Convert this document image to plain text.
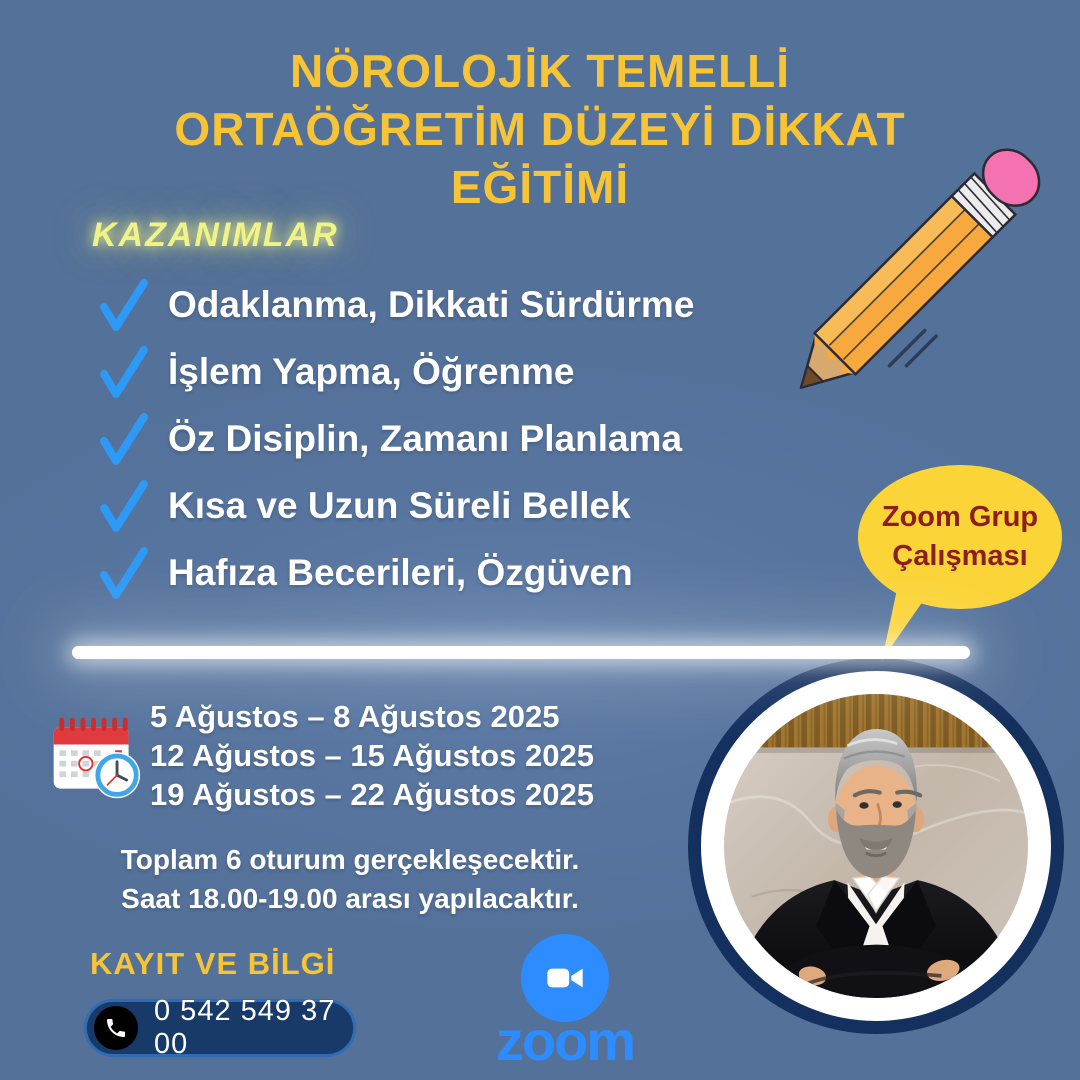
NÖROLOJİK TEMELLİ
ORTAÖĞRETİM DÜZEYİ DİKKAT
EĞİTİMİ
KAZANIMLAR
Odaklanma, Dikkati Sürdürme
İşlem Yapma, Öğrenme
Öz Disiplin, Zamanı Planlama
Kısa ve Uzun Süreli Bellek
Hafıza Becerileri, Özgüven
Zoom Grup
Çalışması
5 Ağustos – 8 Ağustos 2025
12 Ağustos – 15 Ağustos 2025
19 Ağustos – 22 Ağustos 2025
Toplam 6 oturum gerçekleşecektir.
Saat 18.00-19.00 arası yapılacaktır.
KAYIT VE BİLGİ
0 542 549 37 00	zoom
